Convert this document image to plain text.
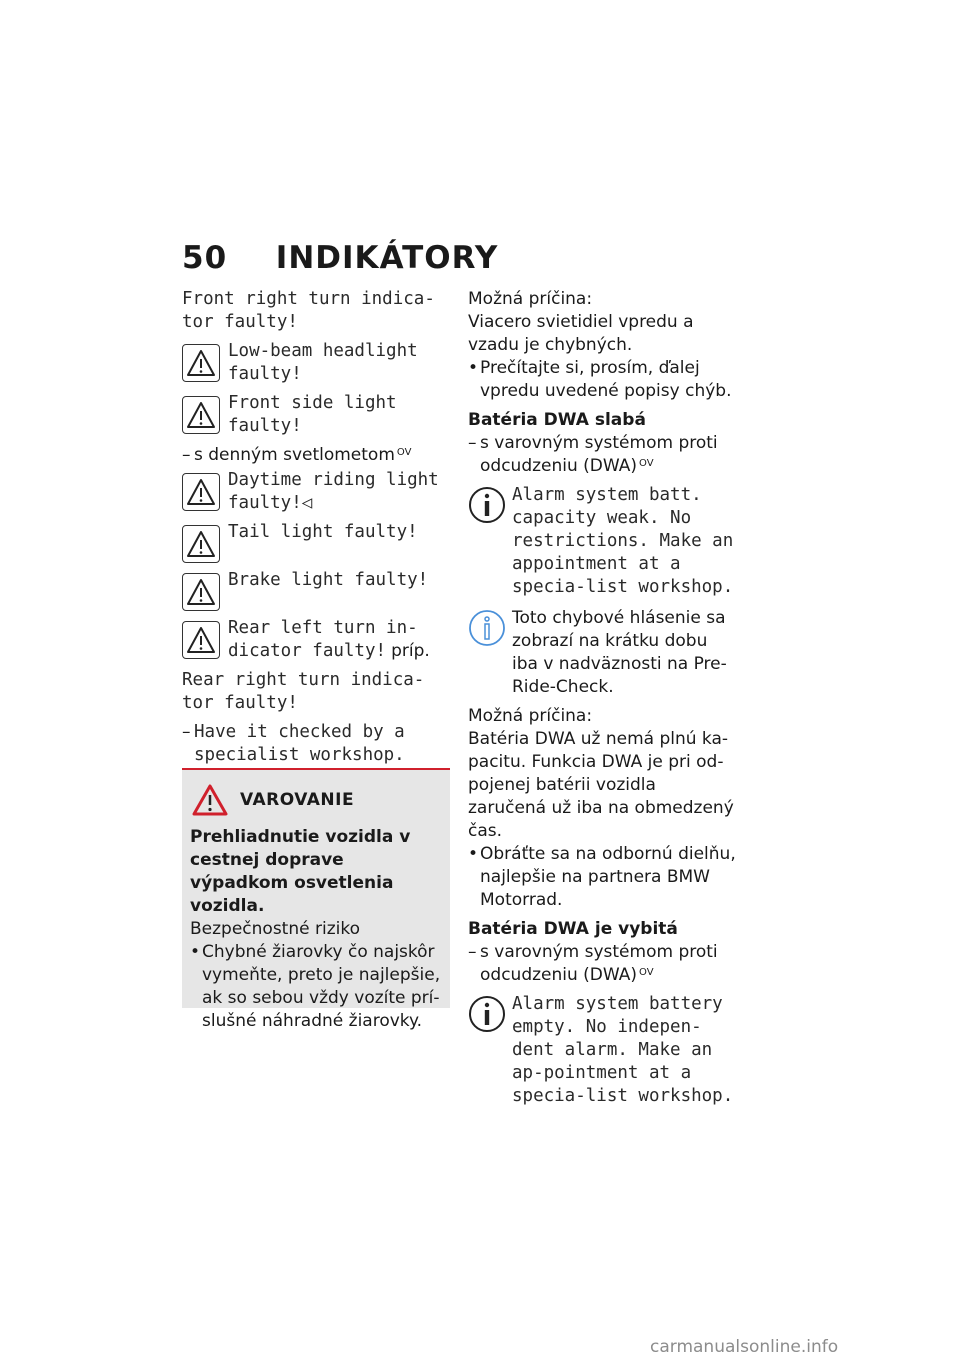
50 INDIKÁTORY
Front right turn indica-tor faulty!
Low-beam headlight faulty!
Front side light faulty!
– s denným svetlometom $^{OV}$
Daytime riding light faulty!◁
Tail light faulty!
Brake light faulty!
Rear left turn in-dicator faulty! príp.
Rear right turn indica-tor faulty!
– Have it checked by a specialist workshop.
VAROVANIE
Prehliadnutie vozidla v cestnej doprave výpadkom osvetlenia vozidla.
Bezpečnostné riziko
• Chybné žiarovky čo najskôr vymeňte, preto je najlepšie, ak so sebou vždy vozíte prí-slušné náhradné žiarovky.
Možná príčina:
Viacero svietidiel vpredu a vzadu je chybných.
• Prečítajte si, prosím, ďalej vpredu uvedené popisy chýb.
Batéria DWA slabá
– s varovným systémom proti odcudzeniu (DWA) $^{OV}$
Alarm system batt. capacity weak. No restrictions. Make an appointment at a specia-list workshop.
Toto chybové hlásenie sa zobrazí na krátku dobu iba v nadväznosti na Pre-Ride-Check.
Možná príčina:
Batéria DWA už nemá plnú ka-pacitu. Funkcia DWA je pri od-pojenej batérii vozidla zaručená už iba na obmedzený čas.
• Obráťte sa na odbornú dielňu, najlepšie na partnera BMW Motorrad.
Batéria DWA je vybitá
– s varovným systémom proti odcudzeniu (DWA) $^{OV}$
Alarm system battery empty. No indepen-dent alarm. Make an ap-pointment at a specia-list workshop.
carmanualsonline.info
